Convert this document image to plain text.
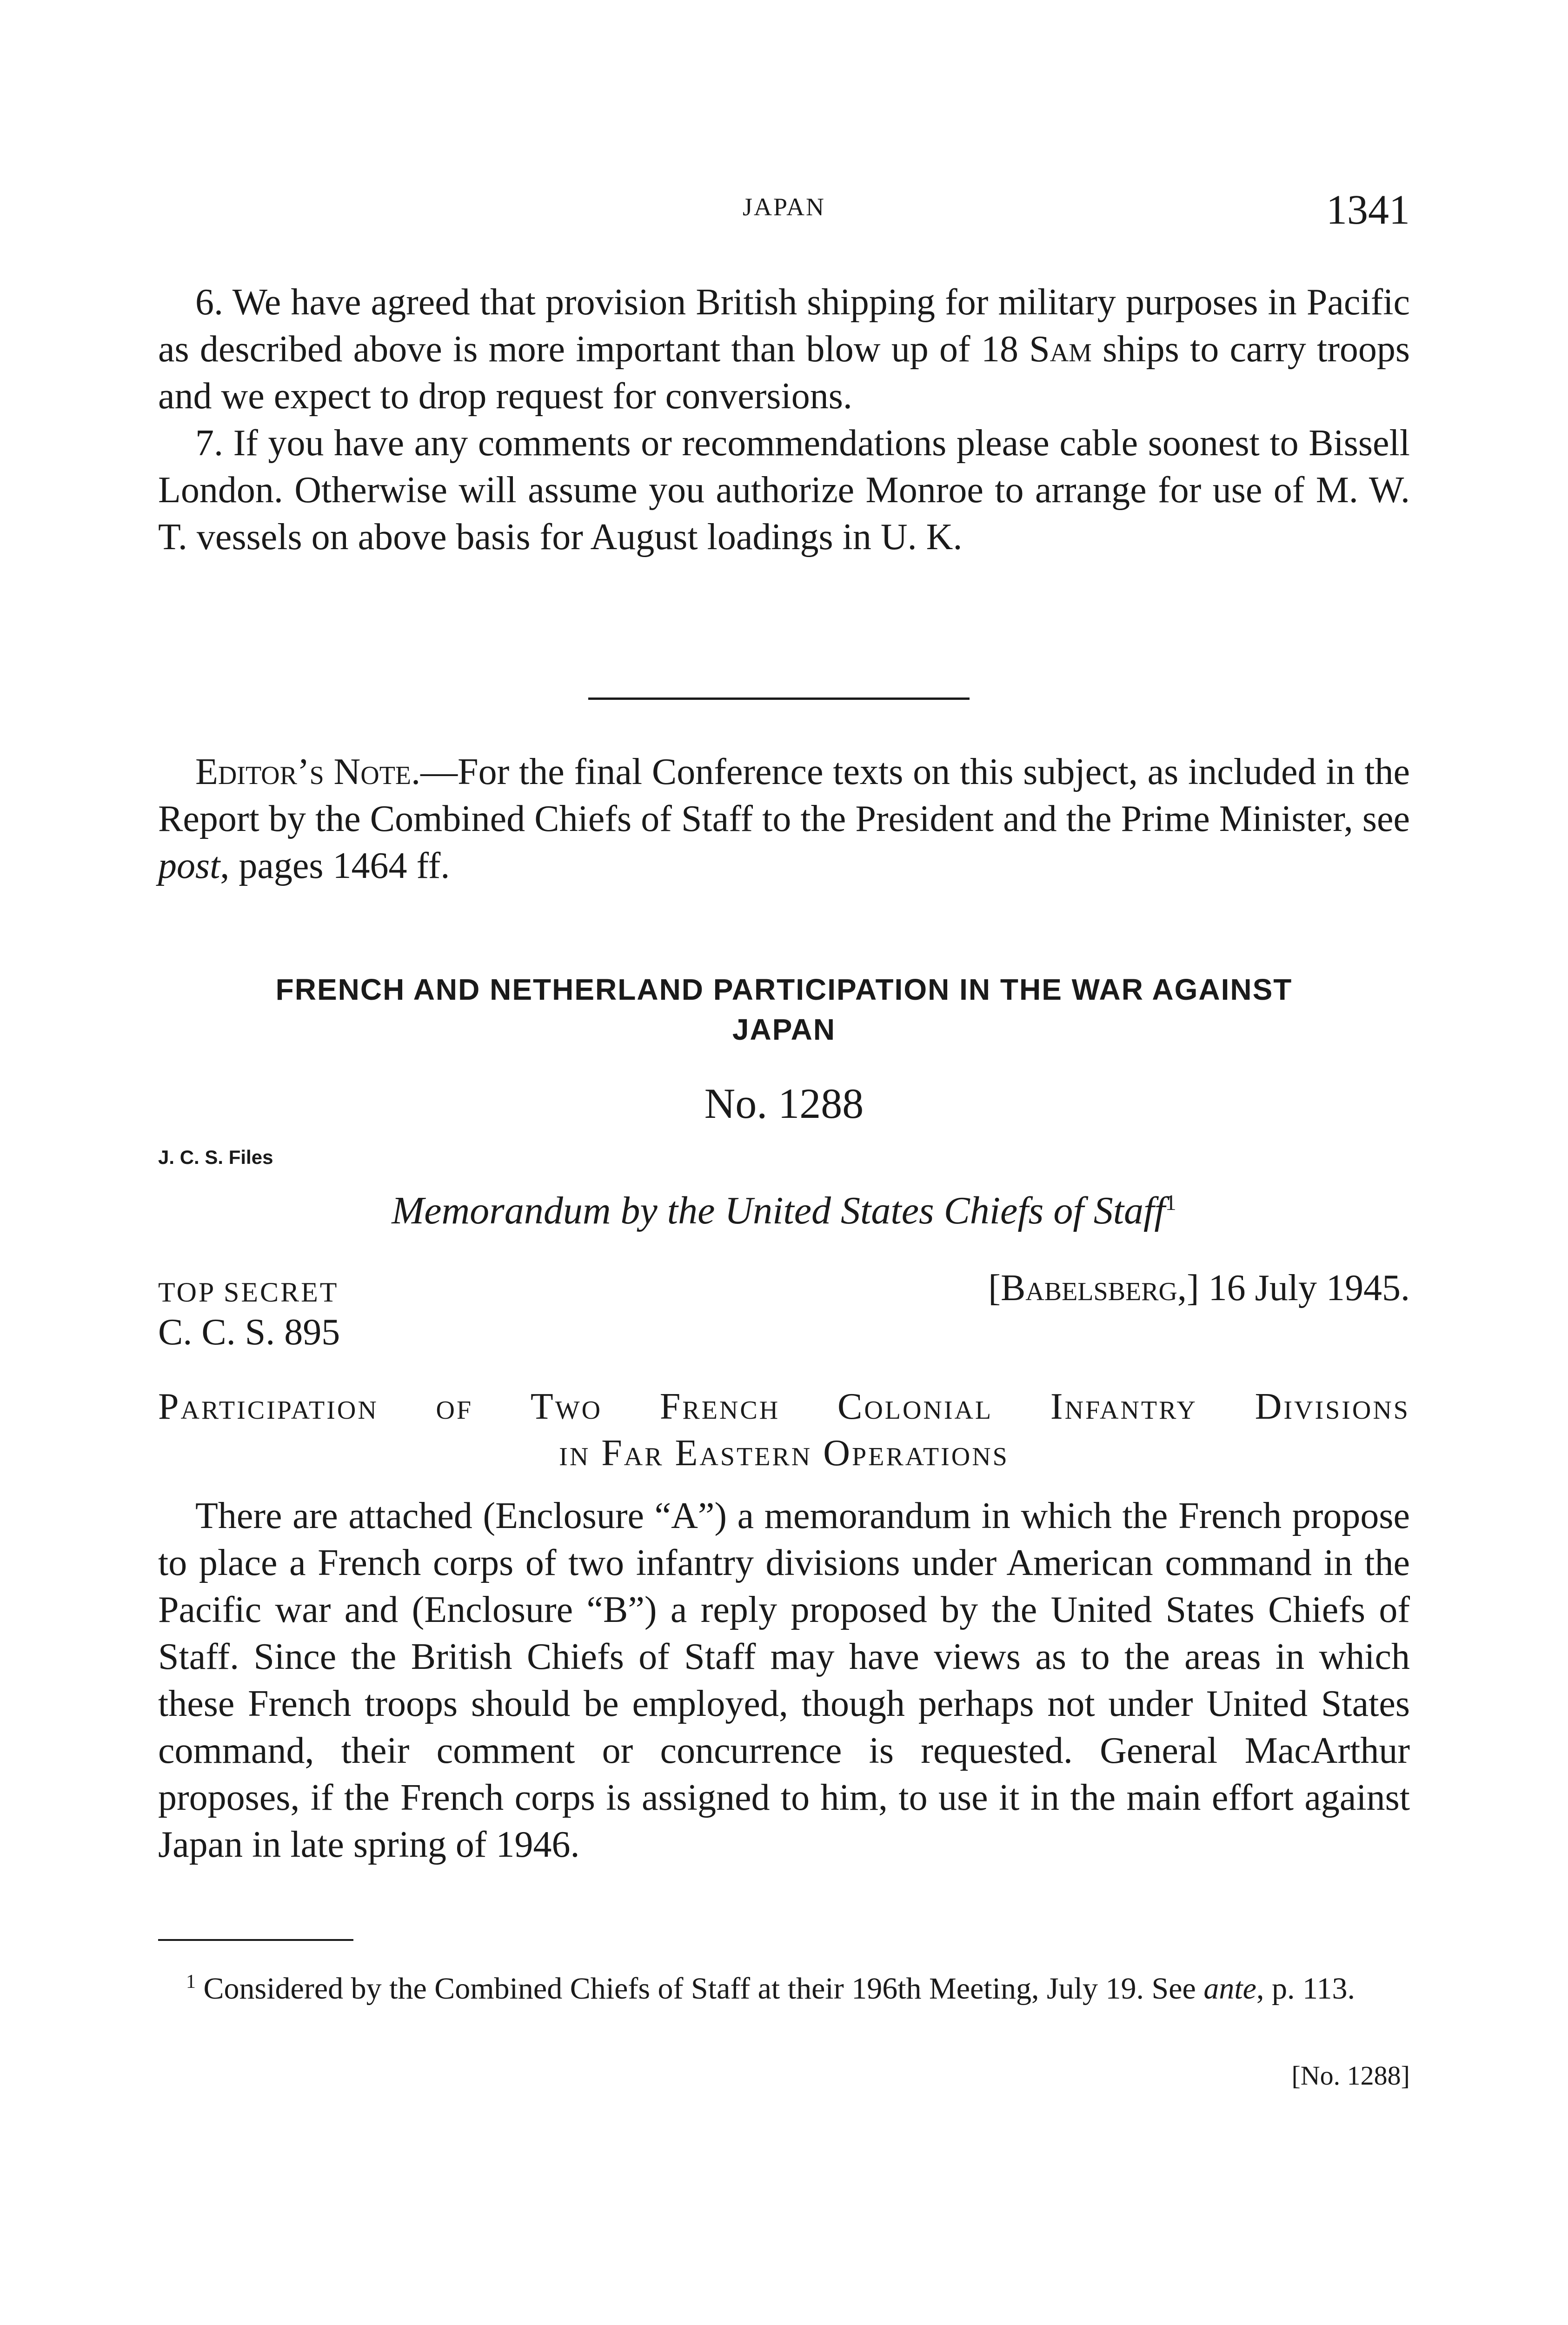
JAPAN	1341

6. We have agreed that provision British shipping for military purposes in Pacific as described above is more important than blow up of 18 Sam ships to carry troops and we expect to drop request for conversions.

7. If you have any comments or recommendations please cable soonest to Bissell London. Otherwise will assume you authorize Monroe to arrange for use of M. W. T. vessels on above basis for August loadings in U. K.

Editor’s Note.—For the final Conference texts on this subject, as included in the Report by the Combined Chiefs of Staff to the President and the Prime Minister, see post, pages 1464 ff.

FRENCH AND NETHERLAND PARTICIPATION IN THE WAR AGAINST
JAPAN
No. 1288
J. C. S. Files
Memorandum by the United States Chiefs of Staff$^1$
TOP SECRET	[Babelsberg,] 16 July 1945.
C. C. S. 895
Participation of Two French Colonial Infantry Divisions
in Far Eastern Operations

There are attached (Enclosure “A”) a memorandum in which the French propose to place a French corps of two infantry divisions under American command in the Pacific war and (Enclosure “B”) a reply proposed by the United States Chiefs of Staff. Since the British Chiefs of Staff may have views as to the areas in which these French troops should be employed, though perhaps not under United States command, their comment or concurrence is requested. General MacArthur proposes, if the French corps is assigned to him, to use it in the main effort against Japan in late spring of 1946.

$^1$ Considered by the Combined Chiefs of Staff at their 196th Meeting, July 19. See ante, p. 113.
[No. 1288]
